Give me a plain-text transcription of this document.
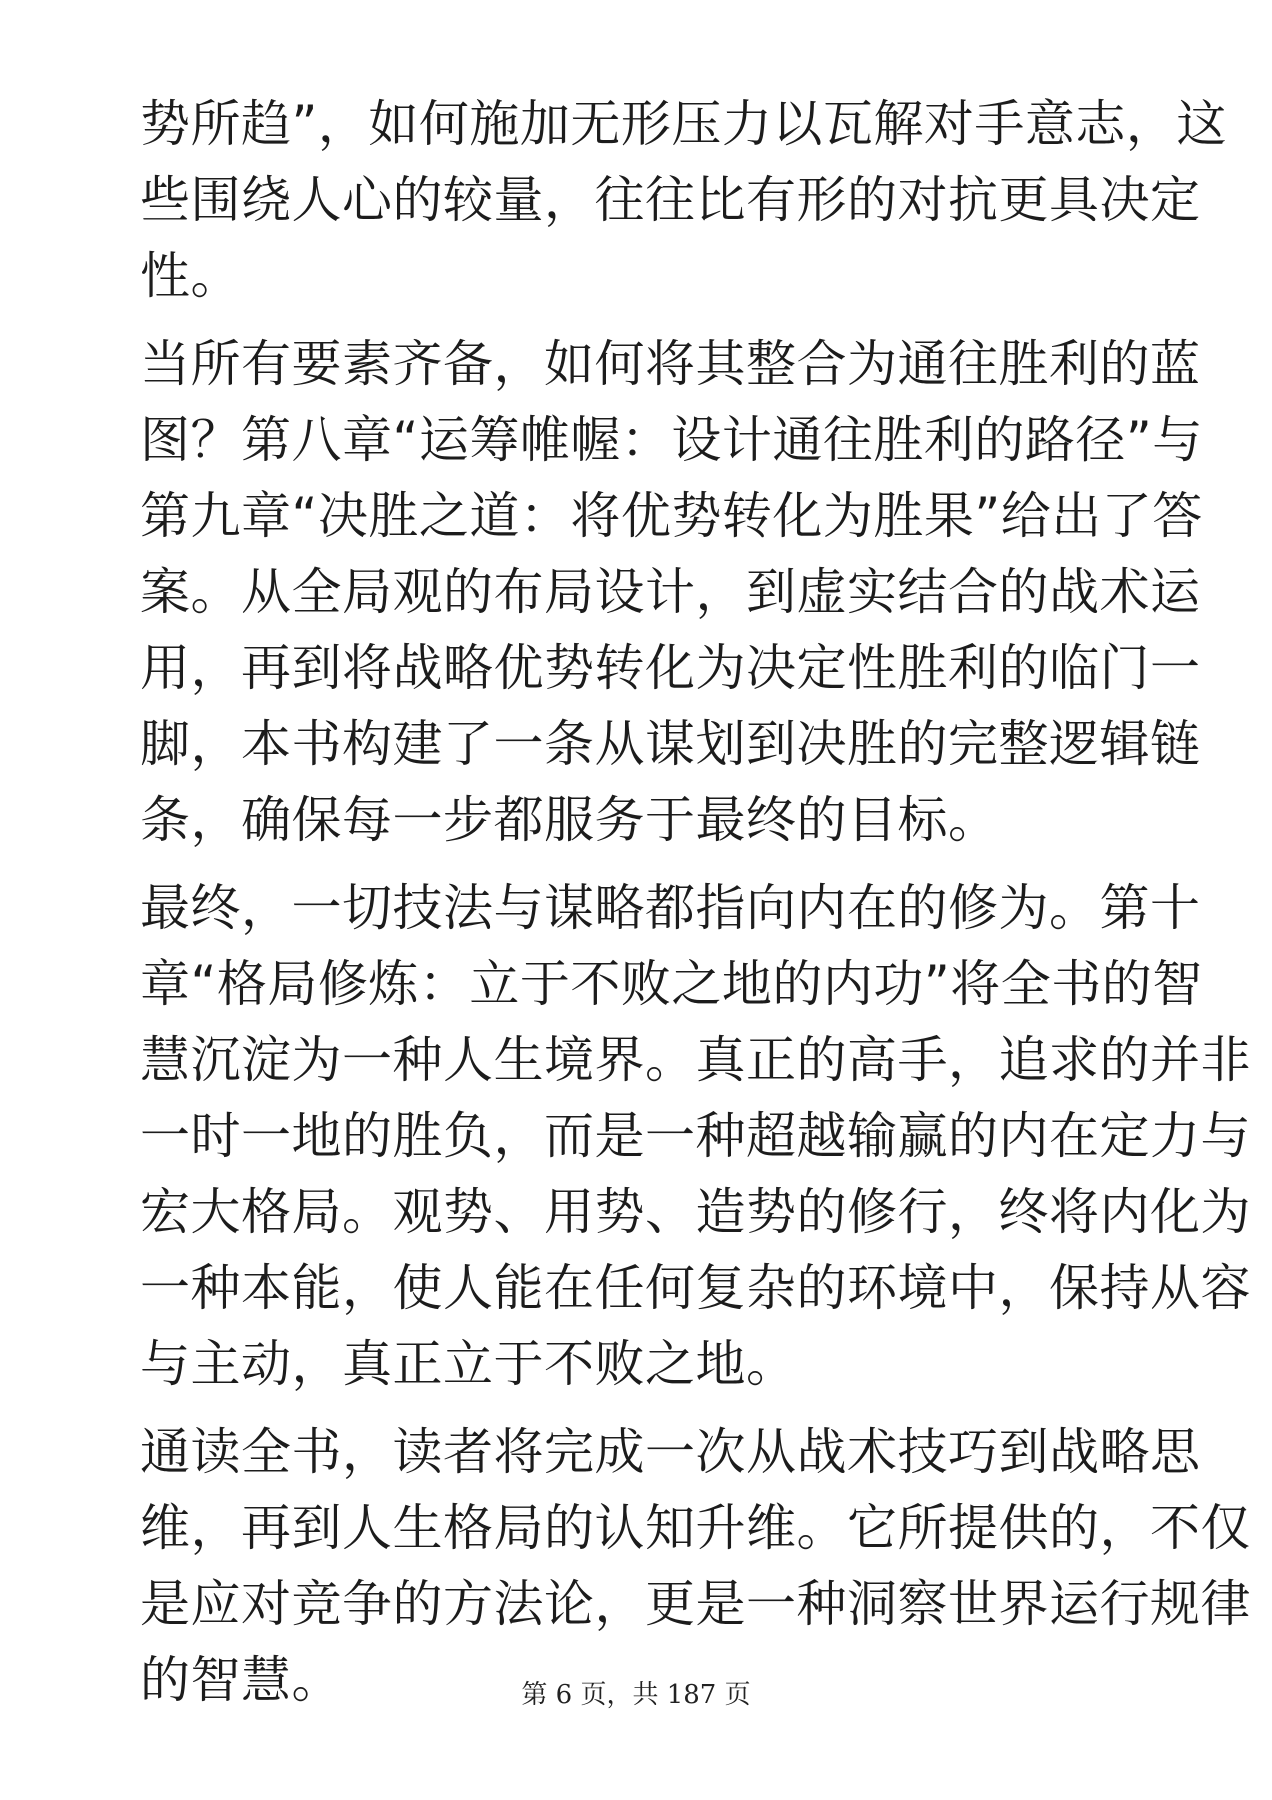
势所趋”，如何施加无形压力以瓦解对手意志，这
些围绕人心的较量，往往比有形的对抗更具决定
性。
当所有要素齐备，如何将其整合为通往胜利的蓝
图？第八章“运筹帷幄：设计通往胜利的路径”与
第九章“决胜之道：将优势转化为胜果”给出了答
案。从全局观的布局设计，到虚实结合的战术运
用，再到将战略优势转化为决定性胜利的临门一
脚，本书构建了一条从谋划到决胜的完整逻辑链
条，确保每一步都服务于最终的目标。
最终，一切技法与谋略都指向内在的修为。第十
章“格局修炼：立于不败之地的内功”将全书的智
慧沉淀为一种人生境界。真正的高手，追求的并非
一时一地的胜负，而是一种超越输赢的内在定力与
宏大格局。观势、用势、造势的修行，终将内化为
一种本能，使人能在任何复杂的环境中，保持从容
与主动，真正立于不败之地。
通读全书，读者将完成一次从战术技巧到战略思
维，再到人生格局的认知升维。它所提供的，不仅
是应对竞争的方法论，更是一种洞察世界运行规律
的智慧。	第 6 页，共 187 页
